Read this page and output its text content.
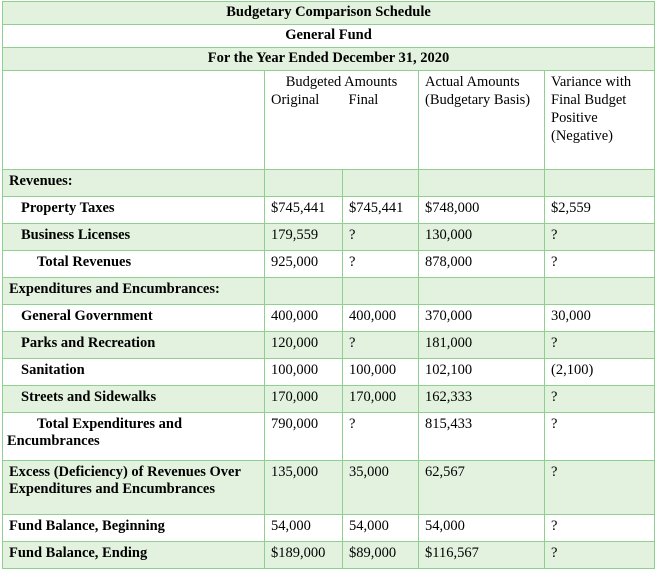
Budgetary Comparison Schedule				
General Fund				
For the Year Ended December 31, 2020				
	Budgeted Amounts		Actual Amounts (Budgetary Basis)	Variance with Final Budget Positive (Negative)
	Original	Final		
Revenues:				
Property Taxes	$745,441	$745,441	$748,000	$2,559
Business Licenses	179,559	?	130,000	?
Total Revenues	925,000	?	878,000	?
Expenditures and Encumbrances:				
General Government	400,000	400,000	370,000	30,000
Parks and Recreation	120,000	?	181,000	?
Sanitation	100,000	100,000	102,100	(2,100)
Streets and Sidewalks	170,000	170,000	162,333	?

Total Expenditures and Encumbrances	790,000	?	815,433	?
Excess (Deficiency) of Revenues Over Expenditures and Encumbrances	135,000	35,000	62,567	?
Fund Balance, Beginning	54,000	54,000	54,000	?
Fund Balance, Ending	$189,000	$89,000	$116,567	?
